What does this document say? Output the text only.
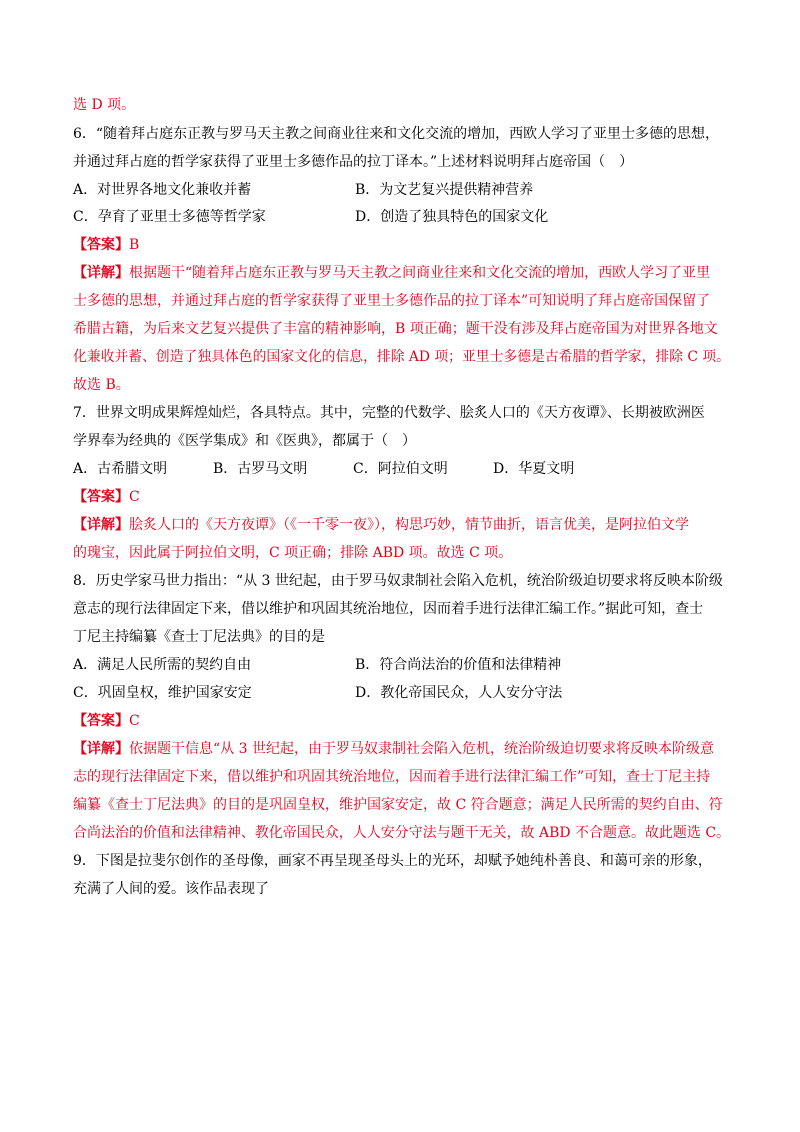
选 D 项。
6．“随着拜占庭东正教与罗马天主教之间商业往来和文化交流的增加，西欧人学习了亚里士多德的思想，
并通过拜占庭的哲学家获得了亚里士多德作品的拉丁译本。”上述材料说明拜占庭帝国（　）
A．对世界各地文化兼收并蓄	B．为文艺复兴提供精神营养
C．孕育了亚里士多德等哲学家	D．创造了独具特色的国家文化
【答案】B
【详解】根据题干“随着拜占庭东正教与罗马天主教之间商业往来和文化交流的增加，西欧人学习了亚里
士多德的思想，并通过拜占庭的哲学家获得了亚里士多德作品的拉丁译本”可知说明了拜占庭帝国保留了
希腊古籍，为后来文艺复兴提供了丰富的精神影响，B 项正确；题干没有涉及拜占庭帝国为对世界各地文
化兼收并蓄、创造了独具体色的国家文化的信息，排除 AD 项；亚里士多德是古希腊的哲学家，排除 C 项。
故选 B。
7．世界文明成果辉煌灿烂，各具特点。其中，完整的代数学、脍炙人口的《天方夜谭》、长期被欧洲医
学界奉为经典的《医学集成》和《医典》，都属于（　）
A．古希腊文明	B．古罗马文明	C．阿拉伯文明	D．华夏文明
【答案】C
【详解】脍炙人口的《天方夜谭》（《一千零一夜》），构思巧妙，情节曲折，语言优美，是阿拉伯文学
的瑰宝，因此属于阿拉伯文明，C 项正确；排除 ABD 项。故选 C 项。
8．历史学家马世力指出：“从 3 世纪起，由于罗马奴隶制社会陷入危机，统治阶级迫切要求将反映本阶级
意志的现行法律固定下来，借以维护和巩固其统治地位，因而着手进行法律汇编工作。”据此可知，查士
丁尼主持编纂《查士丁尼法典》的目的是
A．满足人民所需的契约自由	B．符合尚法治的价值和法律精神
C．巩固皇权，维护国家安定	D．教化帝国民众，人人安分守法
【答案】C
【详解】依据题干信息“从 3 世纪起，由于罗马奴隶制社会陷入危机，统治阶级迫切要求将反映本阶级意
志的现行法律固定下来，借以维护和巩固其统治地位，因而着手进行法律汇编工作”可知，查士丁尼主持
编纂《查士丁尼法典》的目的是巩固皇权，维护国家安定，故 C 符合题意；满足人民所需的契约自由、符
合尚法治的价值和法律精神、教化帝国民众，人人安分守法与题干无关，故 ABD 不合题意。故此题选 C。
9．下图是拉斐尔创作的圣母像，画家不再呈现圣母头上的光环，却赋予她纯朴善良、和蔼可亲的形象，
充满了人间的爱。该作品表现了
